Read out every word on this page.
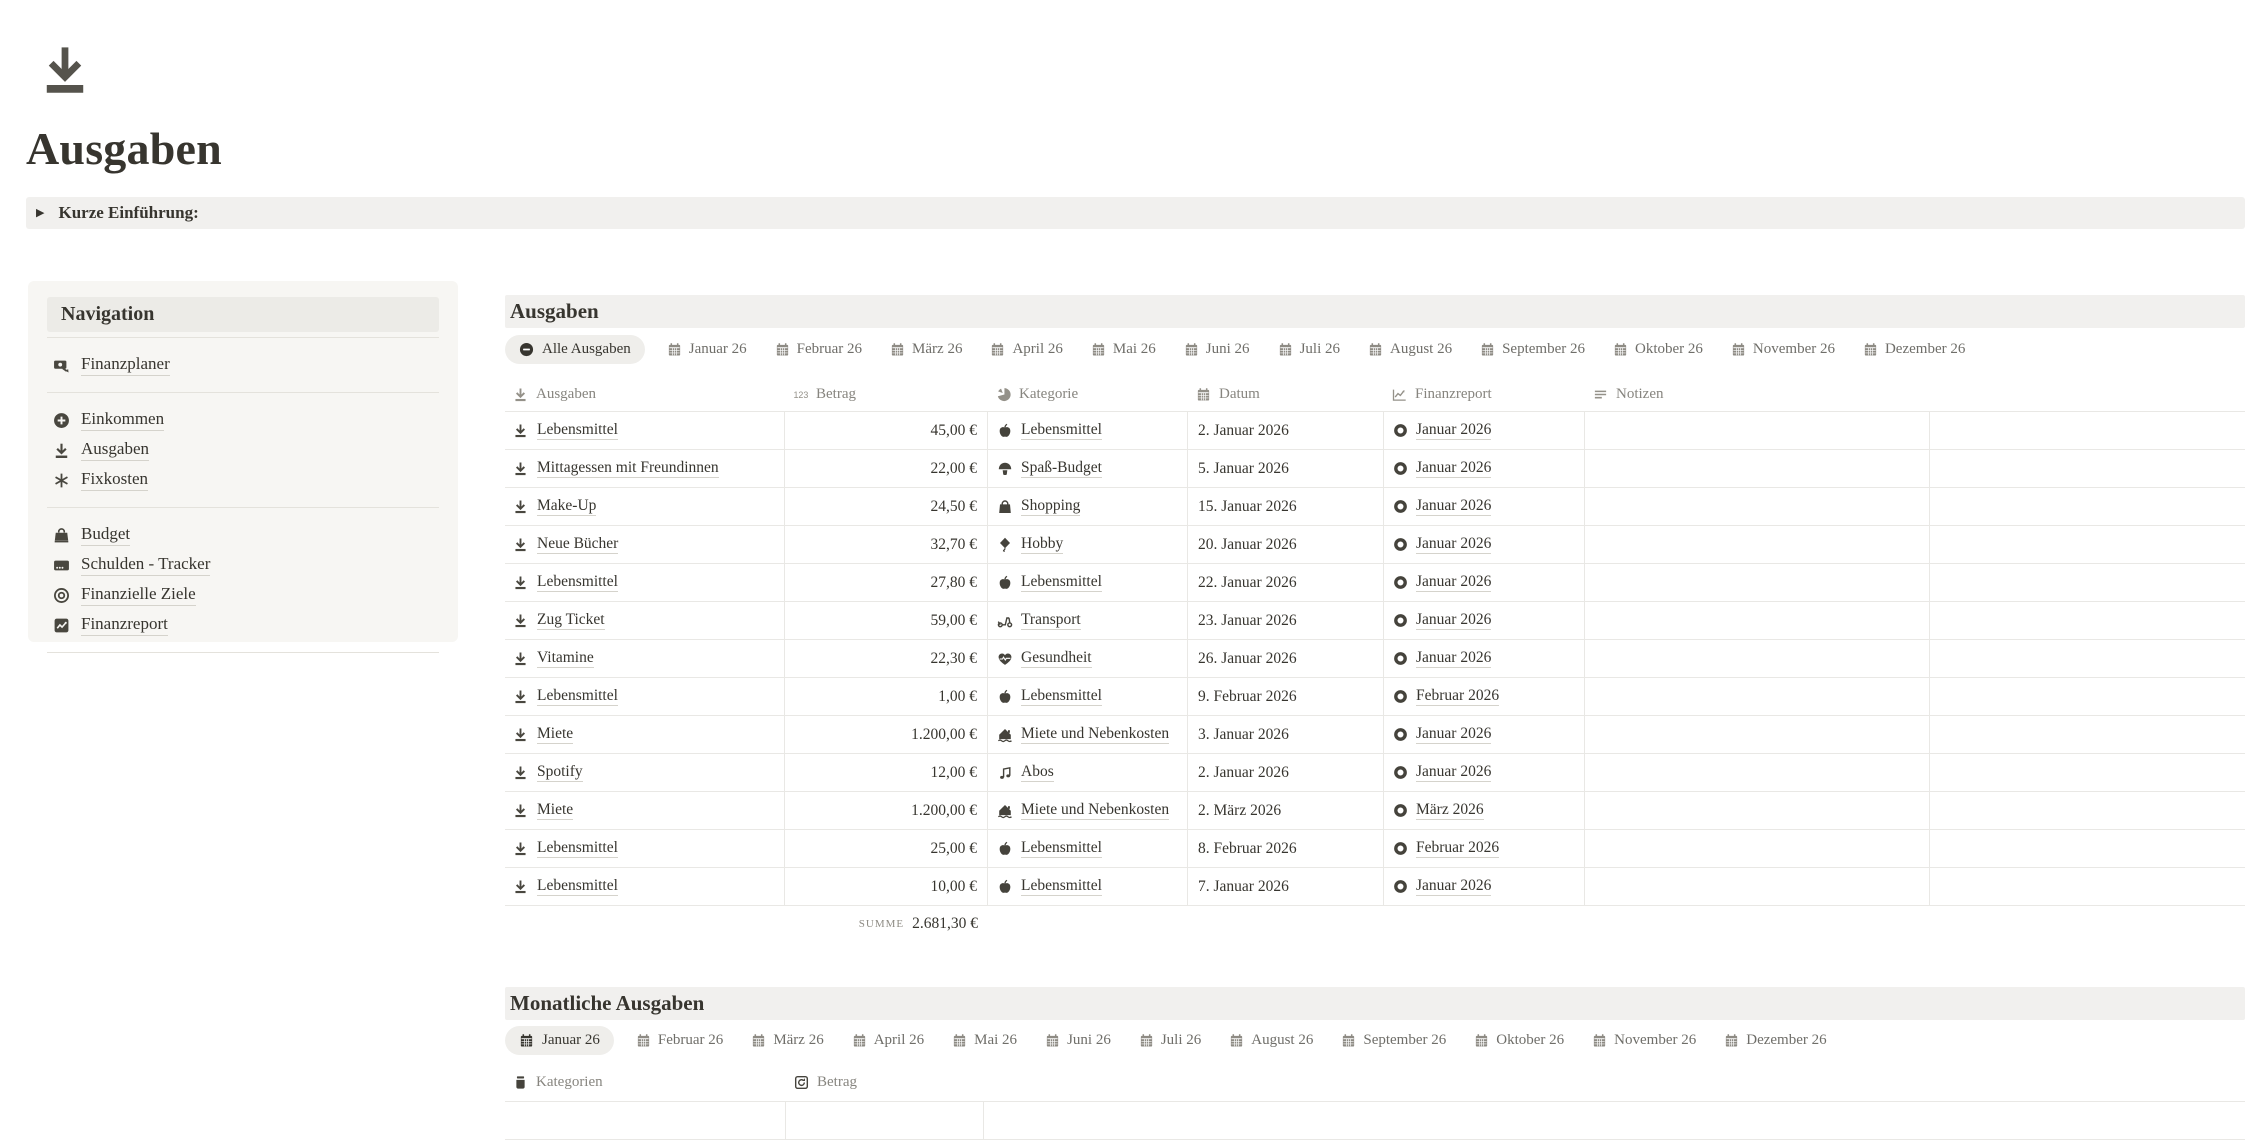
Ausgaben
▶ Kurze Einführung:
Navigation
Finanzplaner
Einkommen
Ausgaben
Fixkosten
Budget
Schulden - Tracker
Finanzielle Ziele
Finanzreport
Ausgaben
Alle Ausgaben	Januar 26	Februar 26	März 26	April 26	Mai 26	Juni 26	Juli 26	August 26	September 26	Oktober 26	November 26	Dezember 26
Ausgaben	123 Betrag	Kategorie	Datum	Finanzreport	Notizen
Lebensmittel	45,00 €	Lebensmittel	2. Januar 2026	Januar 2026
Mittagessen mit Freundinnen	22,00 €	Spaß-Budget	5. Januar 2026	Januar 2026
Make-Up	24,50 €	Shopping	15. Januar 2026	Januar 2026
Neue Bücher	32,70 €	Hobby	20. Januar 2026	Januar 2026
Lebensmittel	27,80 €	Lebensmittel	22. Januar 2026	Januar 2026
Zug Ticket	59,00 €	Transport	23. Januar 2026	Januar 2026
Vitamine	22,30 €	Gesundheit	26. Januar 2026	Januar 2026
Lebensmittel	1,00 €	Lebensmittel	9. Februar 2026	Februar 2026
Miete	1.200,00 €	Miete und Nebenkosten 3. Januar 2026	Januar 2026
Spotify	12,00 €	Abos	2. Januar 2026	Januar 2026
Miete	1.200,00 €	Miete und Nebenkosten 2. März 2026	März 2026
Lebensmittel	25,00 €	Lebensmittel	8. Februar 2026	Februar 2026
Lebensmittel	10,00 €	Lebensmittel	7. Januar 2026	Januar 2026
SUMME 2.681,30 €
Monatliche Ausgaben
Januar 26	Februar 26	März 26	April 26	Mai 26	Juni 26	Juli 26	August 26	September 26	Oktober 26	November 26	Dezember 26
Kategorien	Betrag
